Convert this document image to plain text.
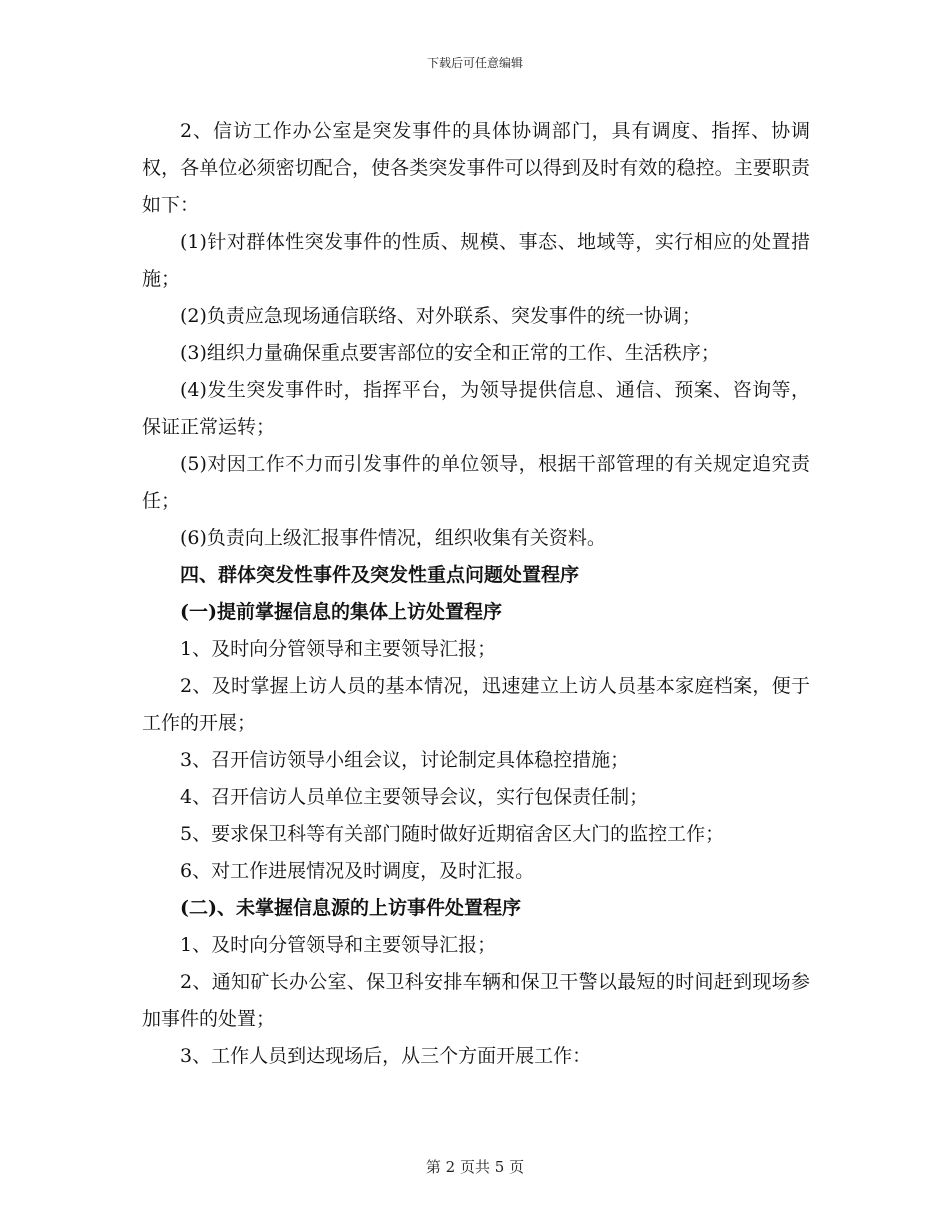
下载后可任意编辑

2、信访工作办公室是突发事件的具体协调部门，具有调度、指挥、协调权，各单位必须密切配合，使各类突发事件可以得到及时有效的稳控。主要职责如下：

(1)针对群体性突发事件的性质、规模、事态、地域等，实行相应的处置措施；

(2)负责应急现场通信联络、对外联系、突发事件的统一协调；

(3)组织力量确保重点要害部位的安全和正常的工作、生活秩序；

(4)发生突发事件时，指挥平台，为领导提供信息、通信、预案、咨询等，保证正常运转；

(5)对因工作不力而引发事件的单位领导，根据干部管理的有关规定追究责任；

(6)负责向上级汇报事件情况，组织收集有关资料。

四、群体突发性事件及突发性重点问题处置程序

(一)提前掌握信息的集体上访处置程序

1、及时向分管领导和主要领导汇报；

2、及时掌握上访人员的基本情况，迅速建立上访人员基本家庭档案，便于工作的开展；

3、召开信访领导小组会议，讨论制定具体稳控措施；

4、召开信访人员单位主要领导会议，实行包保责任制；

5、要求保卫科等有关部门随时做好近期宿舍区大门的监控工作；

6、对工作进展情况及时调度，及时汇报。

(二)、未掌握信息源的上访事件处置程序

1、及时向分管领导和主要领导汇报；

2、通知矿长办公室、保卫科安排车辆和保卫干警以最短的时间赶到现场参加事件的处置；

3、工作人员到达现场后，从三个方面开展工作：

第 2 页共 5 页
